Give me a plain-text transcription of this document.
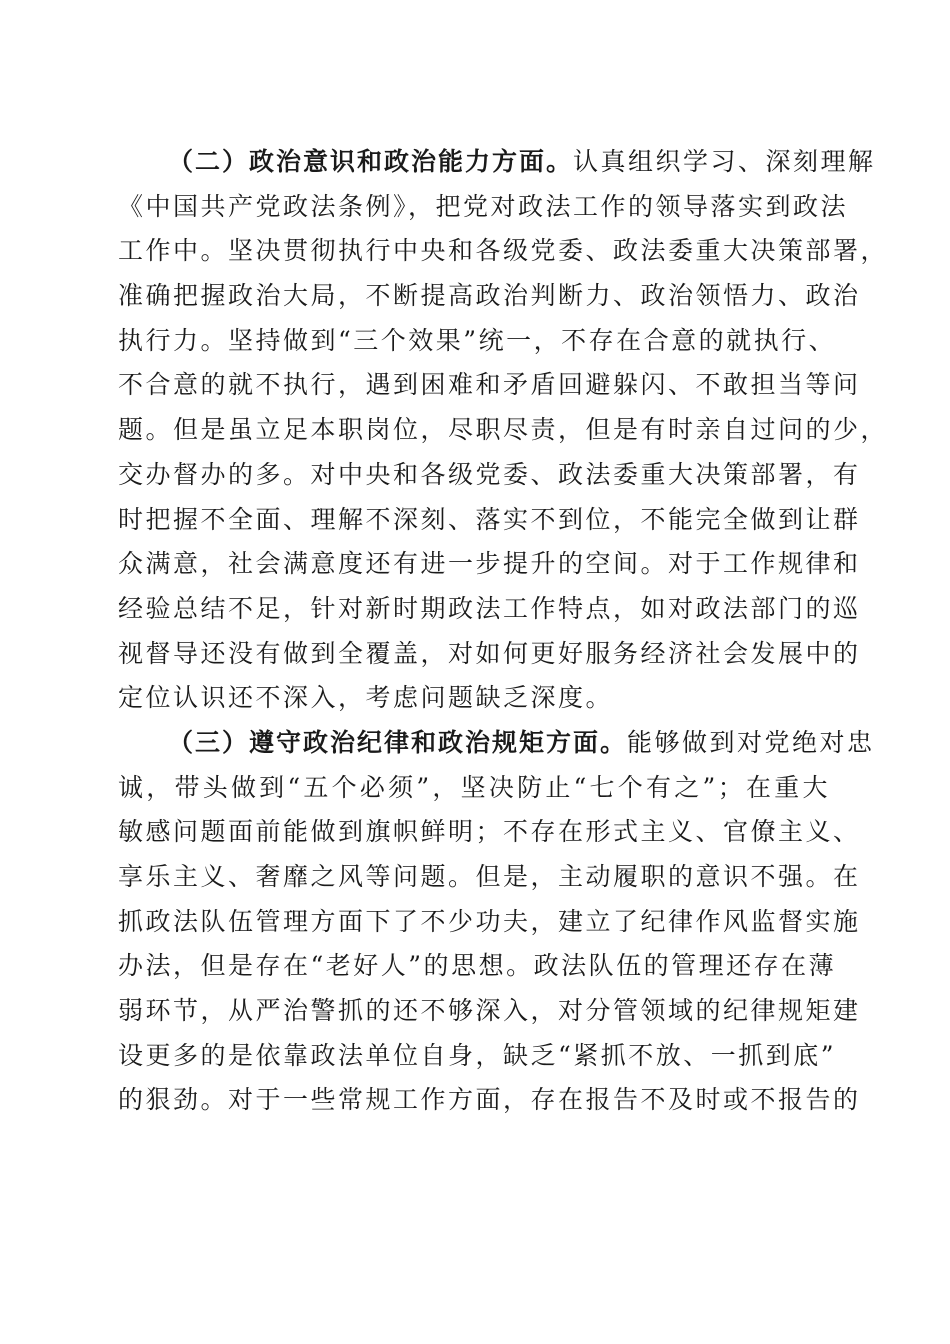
（二）政治意识和政治能力方面。认真组织学习、深刻理解
《中国共产党政法条例》，把党对政法工作的领导落实到政法
工作中。坚决贯彻执行中央和各级党委、政法委重大决策部署，
准确把握政治大局，不断提高政治判断力、政治领悟力、政治
执行力。坚持做到“三个效果”统一，不存在合意的就执行、
不合意的就不执行，遇到困难和矛盾回避躲闪、不敢担当等问
题。但是虽立足本职岗位，尽职尽责，但是有时亲自过问的少，
交办督办的多。对中央和各级党委、政法委重大决策部署，有
时把握不全面、理解不深刻、落实不到位，不能完全做到让群
众满意，社会满意度还有进一步提升的空间。对于工作规律和
经验总结不足，针对新时期政法工作特点，如对政法部门的巡
视督导还没有做到全覆盖，对如何更好服务经济社会发展中的
定位认识还不深入，考虑问题缺乏深度。
（三）遵守政治纪律和政治规矩方面。能够做到对党绝对忠
诚，带头做到“五个必须”，坚决防止“七个有之”；在重大
敏感问题面前能做到旗帜鲜明；不存在形式主义、官僚主义、
享乐主义、奢靡之风等问题。但是，主动履职的意识不强。在
抓政法队伍管理方面下了不少功夫，建立了纪律作风监督实施
办法，但是存在“老好人”的思想。政法队伍的管理还存在薄
弱环节，从严治警抓的还不够深入，对分管领域的纪律规矩建
设更多的是依靠政法单位自身，缺乏“紧抓不放、一抓到底”
的狠劲。对于一些常规工作方面，存在报告不及时或不报告的
